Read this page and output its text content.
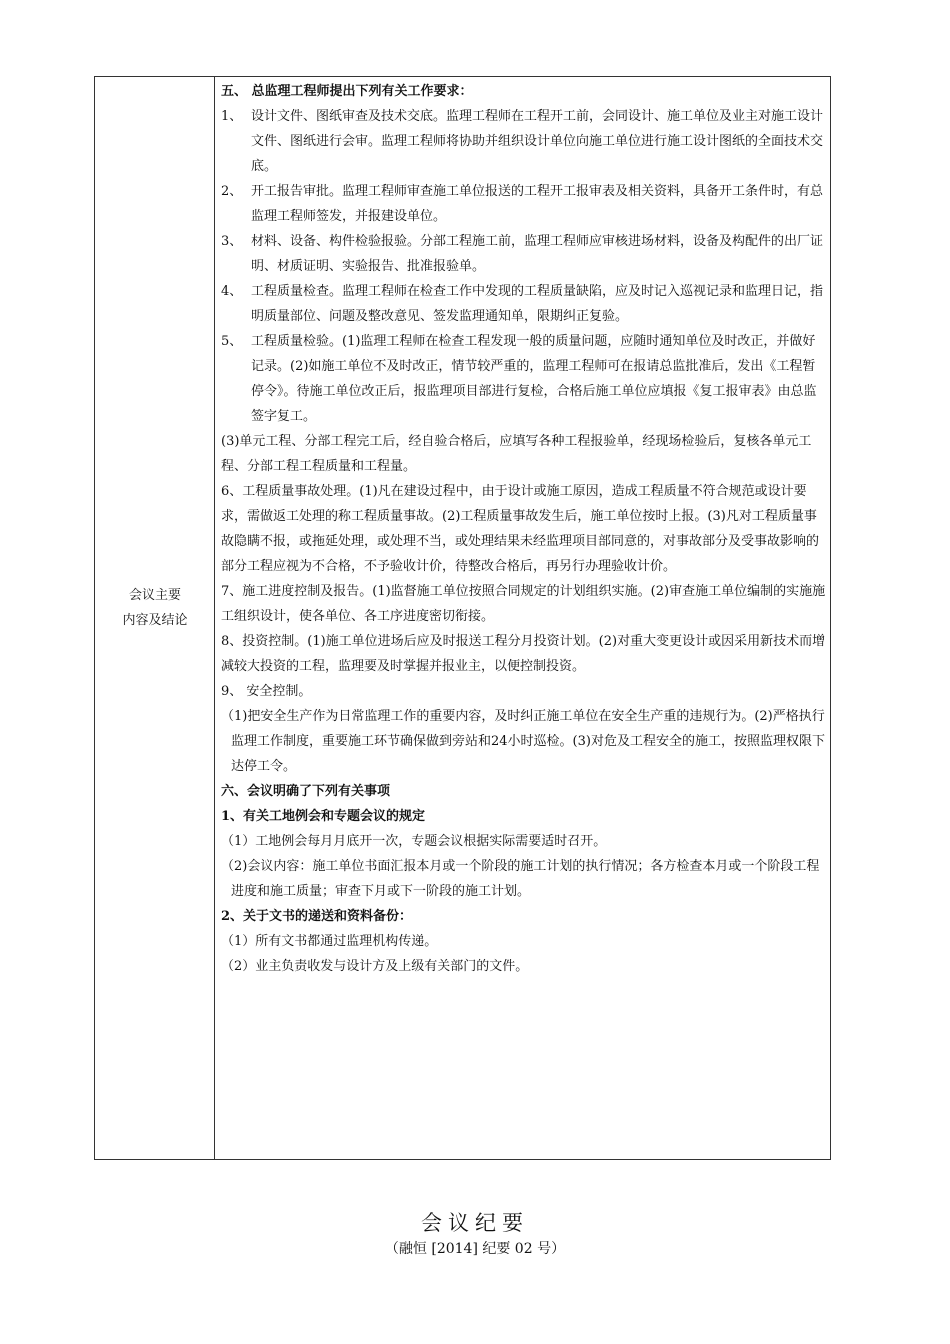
会议主要
内容及结论
五、 总监理工程师提出下列有关工作要求：
1、 设计文件、图纸审查及技术交底。监理工程师在工程开工前，会同设计、施工单位及业主对施工设计文件、图纸进行会审。监理工程师将协助并组织设计单位向施工单位进行施工设计图纸的全面技术交底。
2、 开工报告审批。监理工程师审查施工单位报送的工程开工报审表及相关资料，具备开工条件时，有总监理工程师签发，并报建设单位。
3、 材料、设备、构件检验报验。分部工程施工前，监理工程师应审核进场材料，设备及构配件的出厂证明、材质证明、实验报告、批准报验单。
4、 工程质量检查。监理工程师在检查工作中发现的工程质量缺陷，应及时记入巡视记录和监理日记，指明质量部位、问题及整改意见、签发监理通知单，限期纠正复验。
5、 工程质量检验。(1)监理工程师在检查工程发现一般的质量问题，应随时通知单位及时改正，并做好记录。(2)如施工单位不及时改正，情节较严重的，监理工程师可在报请总监批准后，发出《工程暂停令》。待施工单位改正后，报监理项目部进行复检，合格后施工单位应填报《复工报审表》由总监签字复工。
(3)单元工程、分部工程完工后，经自验合格后，应填写各种工程报验单，经现场检验后，复核各单元工程、分部工程工程质量和工程量。
6、工程质量事故处理。(1)凡在建设过程中，由于设计或施工原因，造成工程质量不符合规范或设计要求，需做返工处理的称工程质量事故。(2)工程质量事故发生后，施工单位按时上报。(3)凡对工程质量事故隐瞒不报，或拖延处理，或处理不当，或处理结果未经监理项目部同意的，对事故部分及受事故影响的部分工程应视为不合格，不予验收计价，待整改合格后，再另行办理验收计价。
7、施工进度控制及报告。(1)监督施工单位按照合同规定的计划组织实施。(2)审查施工单位编制的实施施工组织设计，使各单位、各工序进度密切衔接。
8、投资控制。(1)施工单位进场后应及时报送工程分月投资计划。(2)对重大变更设计或因采用新技术而增减较大投资的工程，监理要及时掌握并报业主，以便控制投资。
9、 安全控制。
（1)把安全生产作为日常监理工作的重要内容，及时纠正施工单位在安全生产重的违规行为。(2)严格执行监理工作制度，重要施工环节确保做到旁站和24小时巡检。(3)对危及工程安全的施工，按照监理权限下达停工令。
六、会议明确了下列有关事项
1、有关工地例会和专题会议的规定
（1）工地例会每月月底开一次，专题会议根据实际需要适时召开。
（2)会议内容：施工单位书面汇报本月或一个阶段的施工计划的执行情况；各方检查本月或一个阶段工程进度和施工质量；审查下月或下一阶段的施工计划。
2、关于文书的递送和资料备份：
（1）所有文书都通过监理机构传递。
（2）业主负责收发与设计方及上级有关部门的文件。
会议纪要
（融恒 [2014] 纪要 02 号）
